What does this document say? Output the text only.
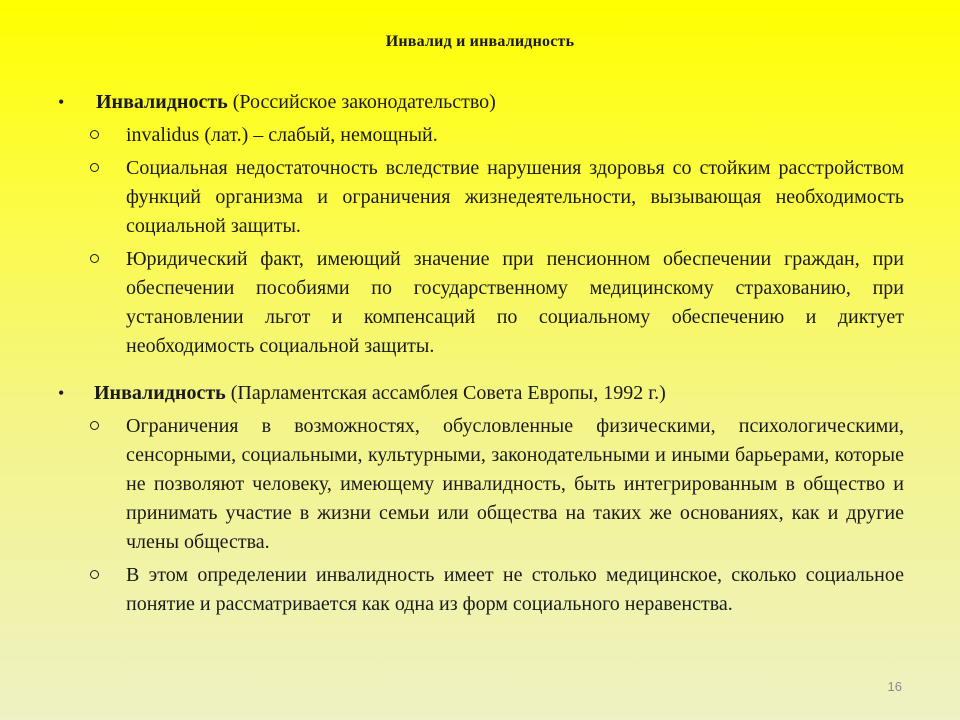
Инвалид и инвалидность
• Инвалидность (Российское законодательство)
invalidus (лат.) – слабый, немощный.
Социальная недостаточность вследствие нарушения здоровья со стойким расстройством функций организма и ограничения жизнедеятельности, вызывающая необходимость социальной защиты.
Юридический факт, имеющий значение при пенсионном обеспечении граждан, при обеспечении пособиями по государственному медицинскому страхованию, при установлении льгот и компенсаций по социальному обеспечению и диктует необходимость социальной защиты.
• Инвалидность (Парламентская ассамблея Совета Европы, 1992 г.)
Ограничения в возможностях, обусловленные физическими, психологическими, сенсорными, социальными, культурными, законодательными и иными барьерами, которые не позволяют человеку, имеющему инвалидность, быть интегрированным в общество и принимать участие в жизни семьи или общества на таких же основаниях, как и другие члены общества.
В этом определении инвалидность имеет не столько медицинское, сколько социальное понятие и рассматривается как одна из форм социального неравенства.
16
